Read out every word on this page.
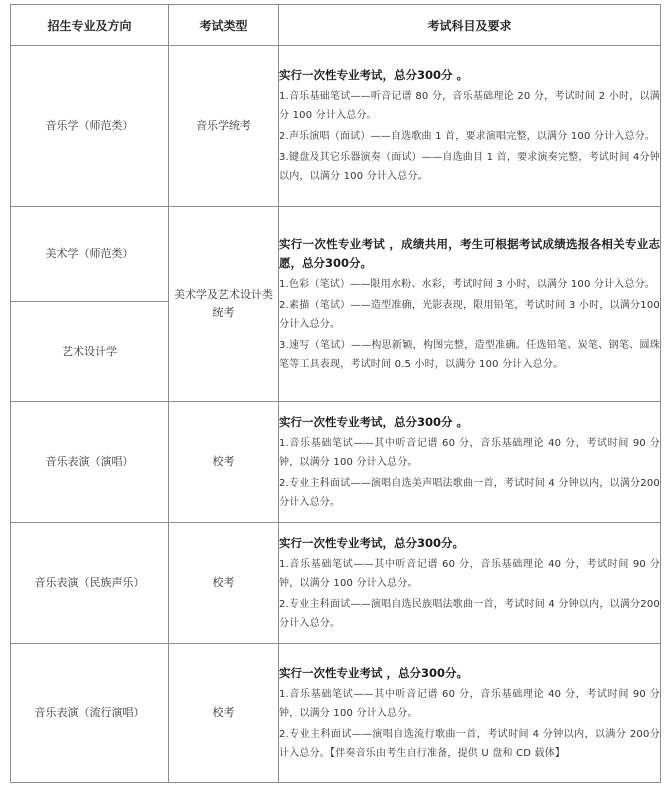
招生专业及方向	考试类型	考试科目及要求
音乐学（师范类）	音乐学统考	实行一次性专业考试，总分300分 。
1.音乐基础笔试——听音记谱 80 分，音乐基础理论 20 分，考试时间 2 小时，以满分 100 分计入总分。
2.声乐演唱（面试）——自选歌曲 1 首，要求演唱完整，以满分 100 分计入总分。
3.键盘及其它乐器演奏（面试）——自选曲目 1 首，要求演奏完整，考试时间 4分钟以内，以满分 100 分计入总分。

美术学（师范类）	美术学及艺术设计类统考	实行一次性专业考试 ，成绩共用，考生可根据考试成绩选报各相关专业志愿，总分300分。
1.色彩（笔试）——限用水粉、水彩，考试时间 3 小时，以满分 100 分计入总分。
2.素描（笔试）——造型准确，光影表现，限用铅笔，考试时间 3 小时，以满分100 分计入总分。
3.速写（笔试）——构思新颖，构图完整，造型准确。任选铅笔、炭笔、钢笔、圆珠笔等工具表现，考试时间 0.5 小时，以满分 100 分计入总分。

艺术设计学		
音乐表演（演唱）	校考	实行一次性专业考试，总分300分 。
1.音乐基础笔试——其中听音记谱 60 分，音乐基础理论 40 分，考试时间 90 分钟，以满分 100 分计入总分。
2.专业主科面试——演唱自选美声唱法歌曲一首，考试时间 4 分钟以内，以满分200 分计入总分。

音乐表演（民族声乐）	校考	实行一次性专业考试，总分300分。
1.音乐基础笔试——其中听音记谱 60 分，音乐基础理论 40 分，考试时间 90 分钟，以满分 100 分计入总分。
2.专业主科面试——演唱自选民族唱法歌曲一首，考试时间 4 分钟以内，以满分200 分计入总分。

音乐表演（流行演唱）	校考	实行一次性专业考试 ，总分300分。
1.音乐基础笔试——其中听音记谱 60 分，音乐基础理论 40 分，考试时间 90 分钟，以满分 100 分计入总分。
2.专业主科面试——演唱自选流行歌曲一首，考试时间 4 分钟以内，以满分 200分计入总分。【伴奏音乐由考生自行准备，提供 U 盘和 CD 载体】
